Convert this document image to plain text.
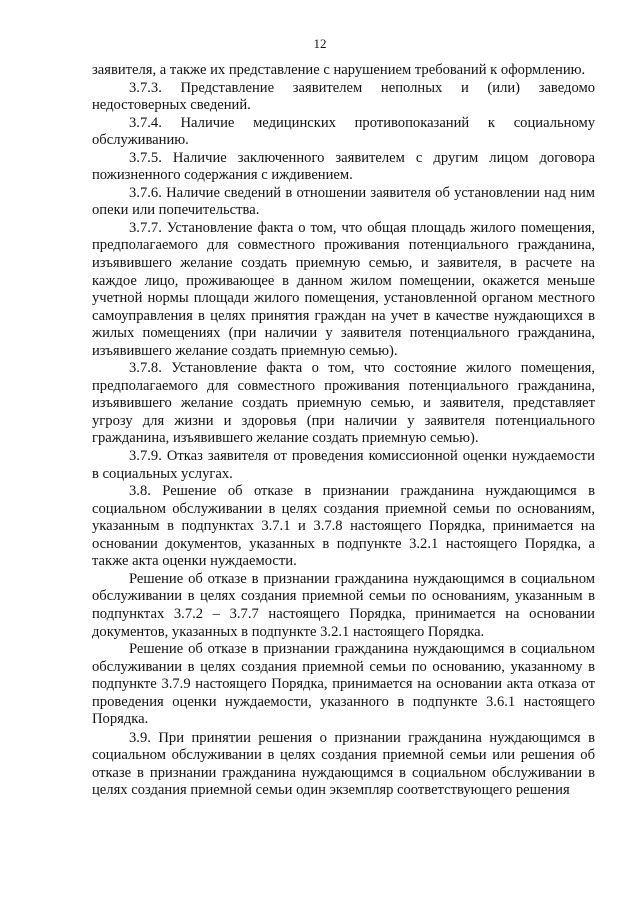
12

заявителя, а также их представление с нарушением требований к оформлению.

3.7.3. Представление заявителем неполных и (или) заведомо недостоверных сведений.

3.7.4. Наличие медицинских противопоказаний к социальному обслуживанию.

3.7.5. Наличие заключенного заявителем с другим лицом договора пожизненного содержания с иждивением.

3.7.6. Наличие сведений в отношении заявителя об установлении над ним опеки или попечительства.

3.7.7. Установление факта о том, что общая площадь жилого помещения, предполагаемого для совместного проживания потенциального гражданина, изъявившего желание создать приемную семью, и заявителя, в расчете на каждое лицо, проживающее в данном жилом помещении, окажется меньше учетной нормы площади жилого помещения, установленной органом местного самоуправления в целях принятия граждан на учет в качестве нуждающихся в жилых помещениях (при наличии у заявителя потенциального гражданина, изъявившего желание создать приемную семью).

3.7.8. Установление факта о том, что состояние жилого помещения, предполагаемого для совместного проживания потенциального гражданина, изъявившего желание создать приемную семью, и заявителя, представляет угрозу для жизни и здоровья (при наличии у заявителя потенциального гражданина, изъявившего желание создать приемную семью).

3.7.9. Отказ заявителя от проведения комиссионной оценки нуждаемости в социальных услугах.

3.8. Решение об отказе в признании гражданина нуждающимся в социальном обслуживании в целях создания приемной семьи по основаниям, указанным в подпунктах 3.7.1 и 3.7.8 настоящего Порядка, принимается на основании документов, указанных в подпункте 3.2.1 настоящего Порядка, а также акта оценки нуждаемости.

Решение об отказе в признании гражданина нуждающимся в социальном обслуживании в целях создания приемной семьи по основаниям, указанным в подпунктах 3.7.2 – 3.7.7 настоящего Порядка, принимается на основании документов, указанных в подпункте 3.2.1 настоящего Порядка.

Решение об отказе в признании гражданина нуждающимся в социальном обслуживании в целях создания приемной семьи по основанию, указанному в подпункте 3.7.9 настоящего Порядка, принимается на основании акта отказа от проведения оценки нуждаемости, указанного в подпункте 3.6.1 настоящего Порядка.

3.9. При принятии решения о признании гражданина нуждающимся в социальном обслуживании в целях создания приемной семьи или решения об отказе в признании гражданина нуждающимся в социальном обслуживании в целях создания приемной семьи один экземпляр соответствующего решения
